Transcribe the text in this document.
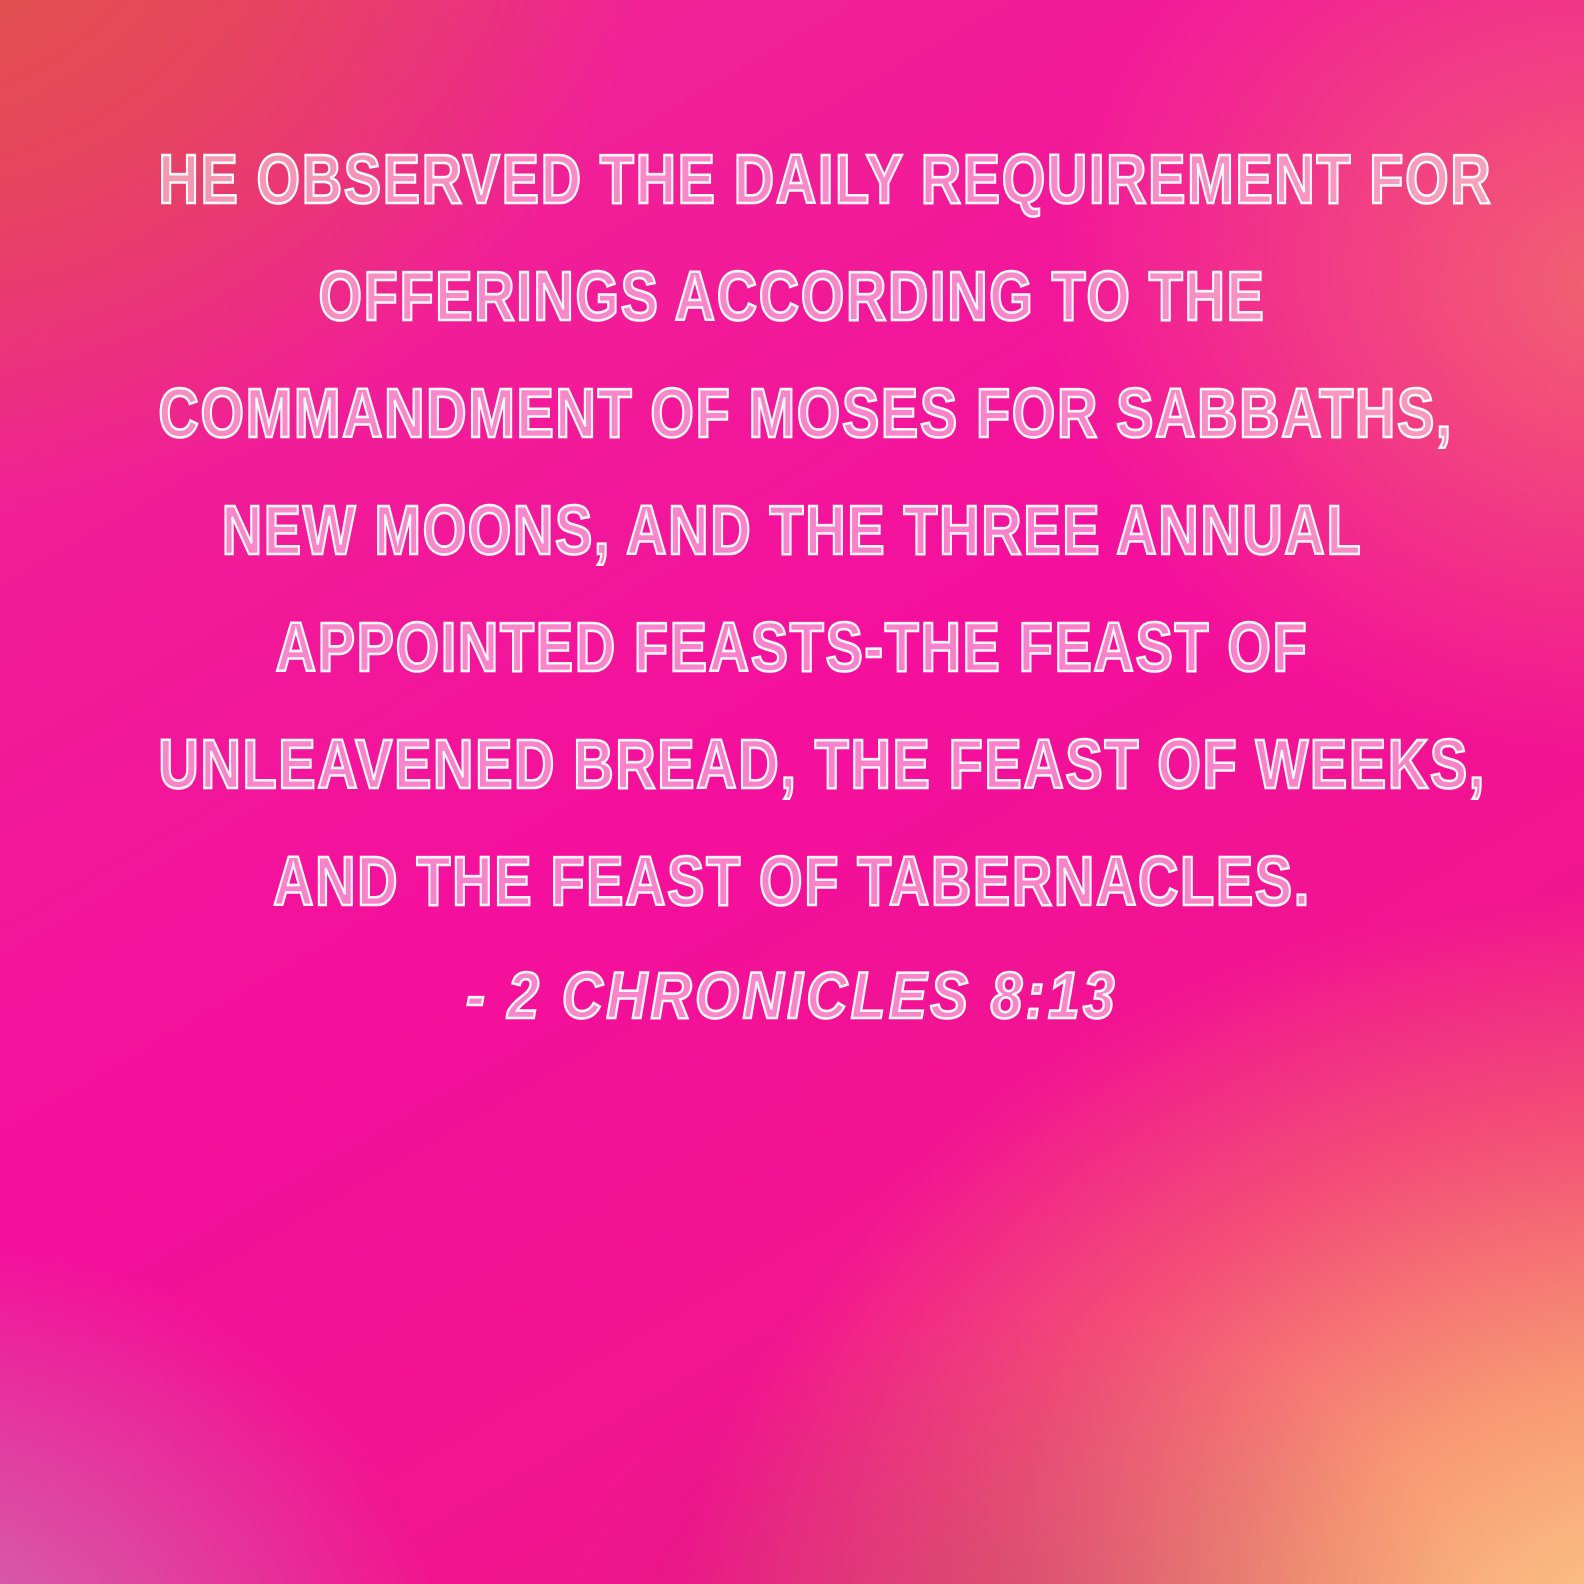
HE OBSERVED THE DAILY REQUIREMENT FOR
OFFERINGS ACCORDING TO THE
COMMANDMENT OF MOSES FOR SABBATHS,
NEW MOONS, AND THE THREE ANNUAL
APPOINTED FEASTS-THE FEAST OF
UNLEAVENED BREAD, THE FEAST OF WEEKS,
AND THE FEAST OF TABERNACLES.
- 2 CHRONICLES 8:13
